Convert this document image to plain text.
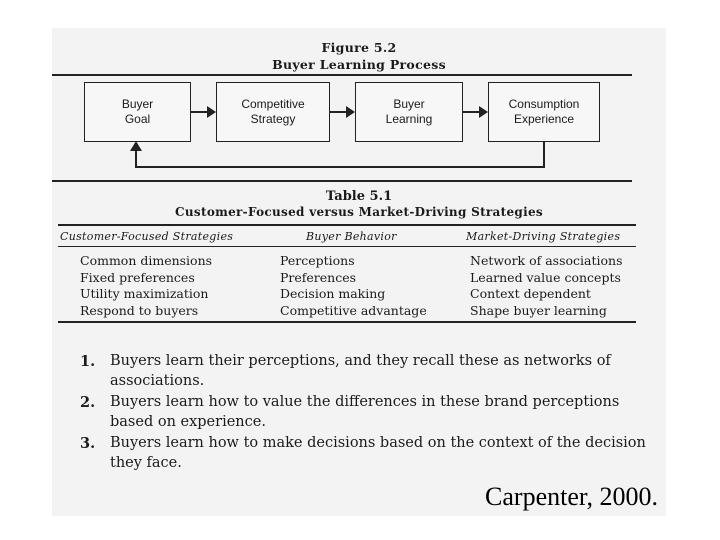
Figure 5.2
Buyer Learning Process
Buyer
Goal
Competitive
Strategy
Buyer
Learning
Consumption
Experience
Table 5.1
Customer-Focused versus Market-Driving Strategies
Customer-Focused Strategies	Buyer Behavior	Market-Driving Strategies
Common dimensions	Perceptions	Network of associations
Fixed preferences	Preferences	Learned value concepts
Utility maximization	Decision making	Context dependent
Respond to buyers	Competitive advantage	Shape buyer learning
1. Buyers learn their perceptions, and they recall these as networks of associations.
2. Buyers learn how to value the differences in these brand perceptions based on experience.
3. Buyers learn how to make decisions based on the context of the decision they face.
Carpenter, 2000.
